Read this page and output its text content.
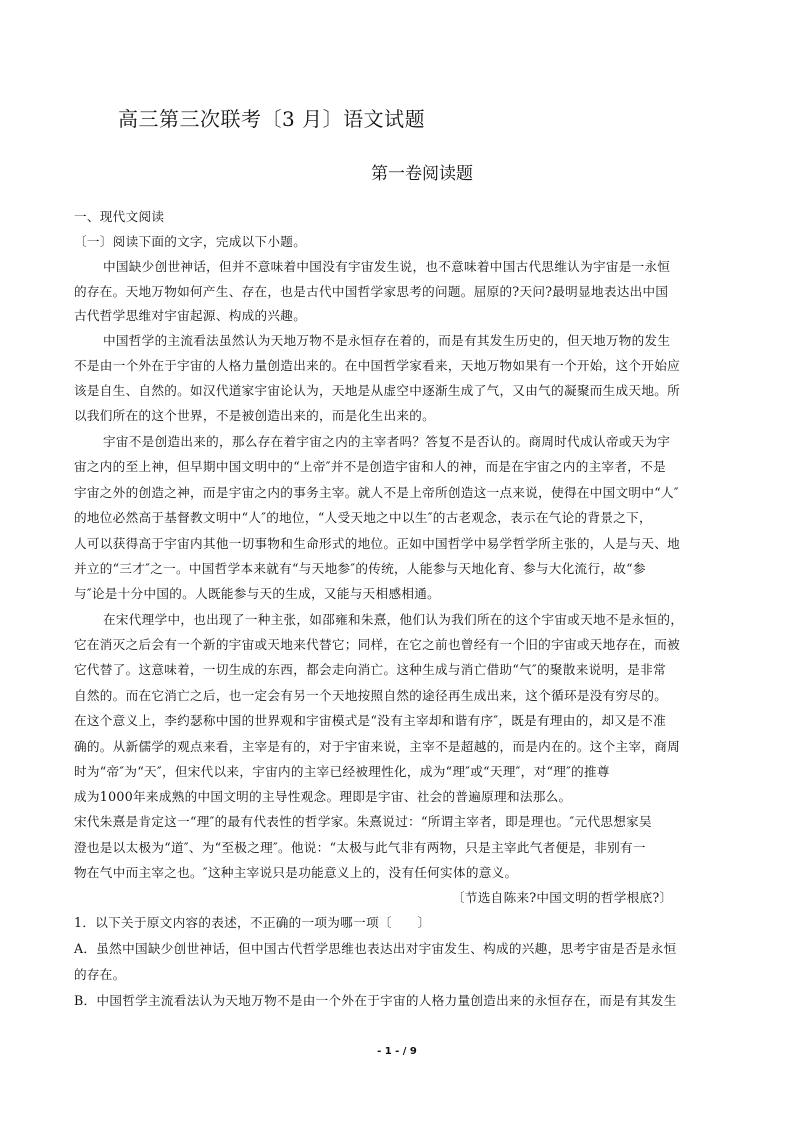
高三第三次联考〔3 月〕语文试题
第一卷阅读题
一、现代文阅读
〔一〕阅读下面的文字，完成以下小题。
中国缺少创世神话，但并不意味着中国没有宇宙发生说，也不意味着中国古代思维认为宇宙是一永恒
的存在。天地万物如何产生、存在，也是古代中国哲学家思考的问题。屈原的?天问?最明显地表达出中国
古代哲学思维对宇宙起源、构成的兴趣。
中国哲学的主流看法虽然认为天地万物不是永恒存在着的，而是有其发生历史的，但天地万物的发生
不是由一个外在于宇宙的人格力量创造出来的。在中国哲学家看来，天地万物如果有一个开始，这个开始应
该是自生、自然的。如汉代道家宇宙论认为，天地是从虚空中逐渐生成了气，又由气的凝聚而生成天地。所
以我们所在的这个世界，不是被创造出来的，而是化生出来的。
宇宙不是创造出来的，那么存在着宇宙之内的主宰者吗？答复不是否认的。商周时代成认帝或天为宇
宙之内的至上神，但早期中国文明中的“上帝″并不是创造宇宙和人的神，而是在宇宙之内的主宰者，不是
宇宙之外的创造之神，而是宇宙之内的事务主宰。就人不是上帝所创造这一点来说，使得在中国文明中“人″
的地位必然高于基督教文明中“人″的地位，“人受天地之中以生″的古老观念，表示在气论的背景之下，
人可以获得高于宇宙内其他一切事物和生命形式的地位。正如中国哲学中易学哲学所主张的，人是与天、地
并立的“三才″之一。中国哲学本来就有“与天地参″的传统，人能参与天地化育、参与大化流行，故“参
与″论是十分中国的。人既能参与天的生成，又能与天相感相通。
在宋代理学中，也出现了一种主张，如邵雍和朱熹，他们认为我们所在的这个宇宙或天地不是永恒的，
它在消灭之后会有一个新的宇宙或天地来代替它；同样，在它之前也曾经有一个旧的宇宙或天地存在，而被
它代替了。这意味着，一切生成的东西，都会走向消亡。这种生成与消亡借助“气″的聚散来说明，是非常
自然的。而在它消亡之后，也一定会有另一个天地按照自然的途径再生成出来，这个循环是没有穷尽的。
在这个意义上，李约瑟称中国的世界观和宇宙模式是“没有主宰却和谐有序″，既是有理由的，却又是不准
确的。从新儒学的观点来看，主宰是有的，对于宇宙来说，主宰不是超越的，而是内在的。这个主宰，商周
时为“帝″为“天″，但宋代以来，宇宙内的主宰已经被理性化，成为“理″或“天理″，对“理″的推尊
成为1000年来成熟的中国文明的主导性观念。理即是宇宙、社会的普遍原理和法那么。
宋代朱熹是肯定这一“理″的最有代表性的哲学家。朱熹说过：“所谓主宰者，即是理也。″元代思想家吴
澄也是以太极为“道″、为“至极之理″。他说：“太极与此气非有两物，只是主宰此气者便是，非别有一
物在气中而主宰之也。″这种主宰说只是功能意义上的，没有任何实体的意义。
〔节选自陈来?中国文明的哲学根底?〕
1．以下关于原文内容的表述，不正确的一项为哪一项〔　　〕
A．虽然中国缺少创世神话，但中国古代哲学思维也表达出对宇宙发生、构成的兴趣，思考宇宙是否是永恒
的存在。
B．中国哲学主流看法认为天地万物不是由一个外在于宇宙的人格力量创造出来的永恒存在，而是有其发生
- 1 - / 9
